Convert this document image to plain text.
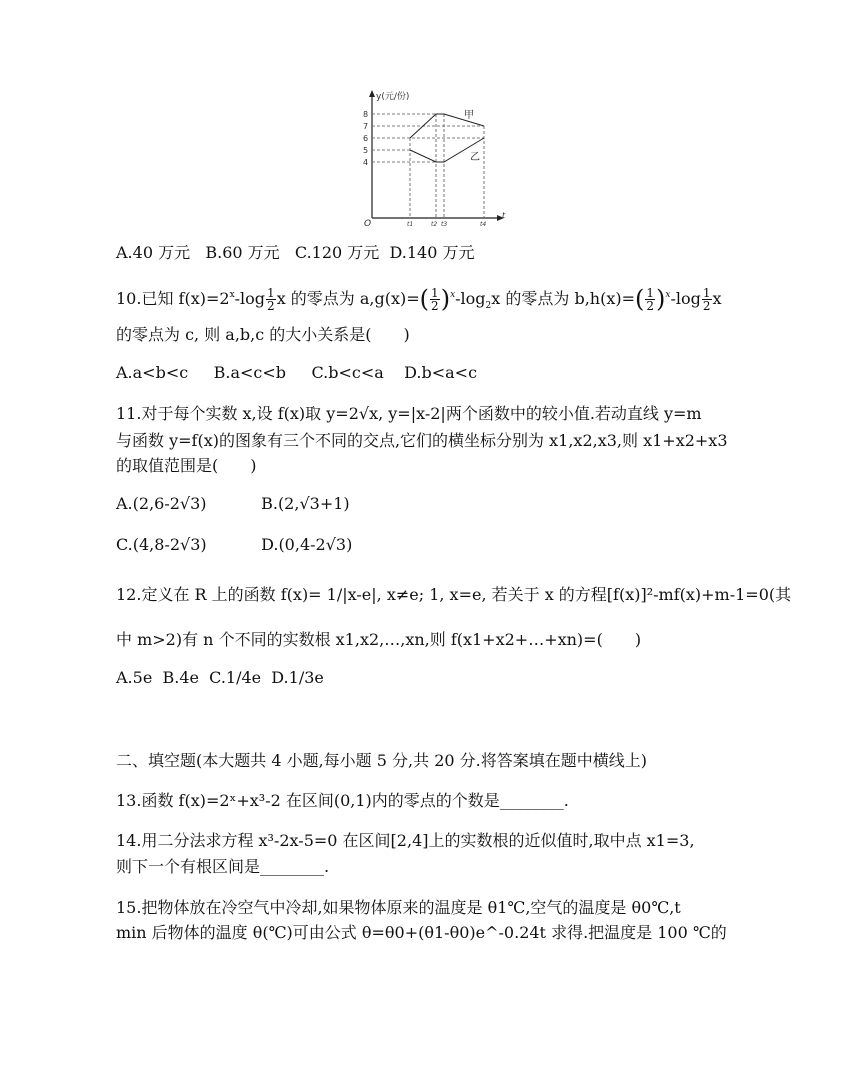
y(元/份)
O
t
8
7
6
5
4
甲
乙
t1	t2 t3	t4
A.40 万元 B.60 万元 C.120 万元 D.140 万元
10.已知 $f(x)=2^x-\log \frac{1}{2}$ x 的零点为 $a,g(x)=( \frac{1}{2} )^x-\log_2x$ 的零点为 $b,h(x)=( \frac{1}{2} )^x-\log \frac{1}{2}$ x
的零点为 c, 则 a,b,c 的大小关系是(　　)
A.a<b<c B.a<c<b C.b<c<a D.b<a<c
11.对于每个实数 x,设 f(x)取 y=2√x, y=|x-2|两个函数中的较小值.若动直线 y=m
与函数 y=f(x)的图象有三个不同的交点,它们的横坐标分别为 x1,x2,x3,则 x1+x2+x3
的取值范围是(　　)
A.(2,6-2√3)	B.(2,√3+1)
C.(4,8-2√3)	D.(0,4-2√3)
12.定义在 R 上的函数 f(x)= 1/|x-e|, x≠e; 1, x=e, 若关于 x 的方程[f(x)]²-mf(x)+m-1=0(其
中 m>2)有 n 个不同的实数根 x1,x2,…,xn,则 f(x1+x2+…+xn)=(　　)
A.5e B.4e C.1/4e D.1/3e
二、填空题(本大题共 4 小题,每小题 5 分,共 20 分.将答案填在题中横线上)
13.函数 f(x)=2ˣ+x³-2 在区间(0,1)内的零点的个数是________.
14.用二分法求方程 x³-2x-5=0 在区间[2,4]上的实数根的近似值时,取中点 x1=3,
则下一个有根区间是________.
15.把物体放在冷空气中冷却,如果物体原来的温度是 θ1℃,空气的温度是 θ0℃,t
min 后物体的温度 θ(℃)可由公式 θ=θ0+(θ1-θ0)e^-0.24t 求得.把温度是 100 ℃的
